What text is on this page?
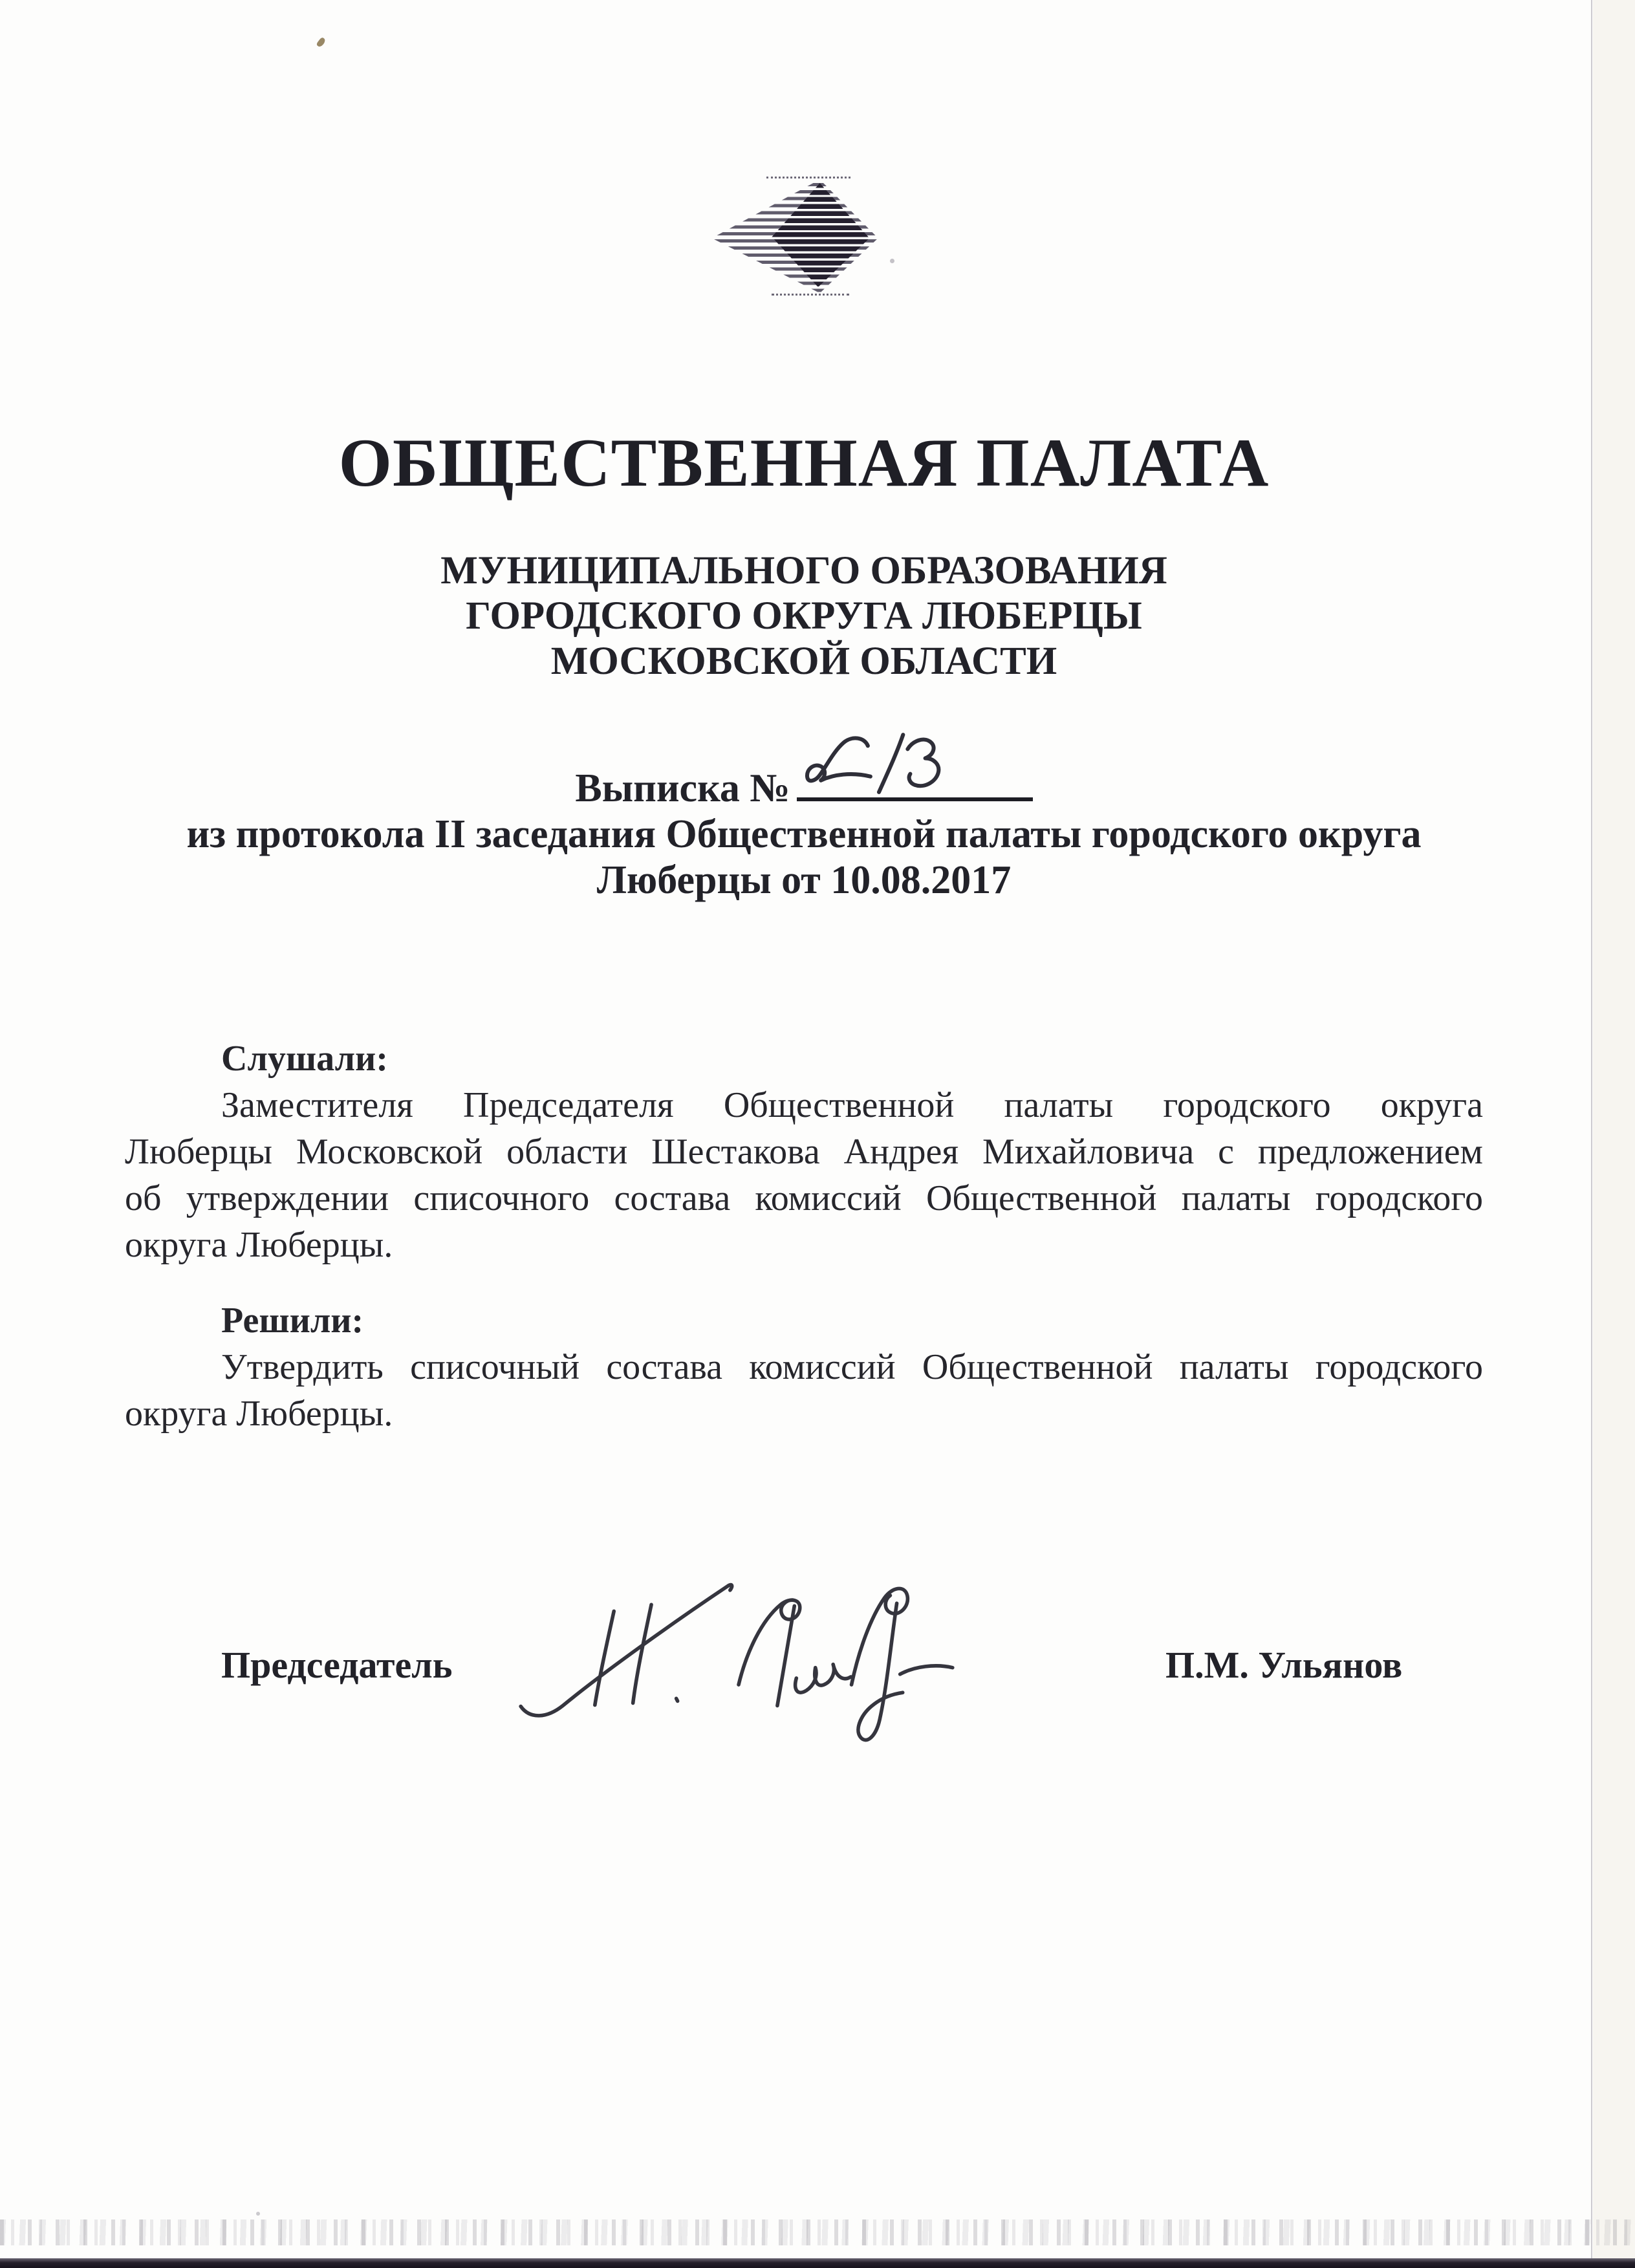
ОБЩЕСТВЕННАЯ ПАЛАТА
МУНИЦИПАЛЬНОГО ОБРАЗОВАНИЯ
ГОРОДСКОГО ОКРУГА ЛЮБЕРЦЫ
МОСКОВСКОЙ ОБЛАСТИ
Выписка №
из протокола II заседания Общественной палаты городского округа
Люберцы от 10.08.2017
Слушали:
Заместителя Председателя Общественной палаты городского округа
Люберцы Московской области Шестакова Андрея Михайловича с предложением
об утверждении списочного состава комиссий Общественной палаты городского
округа Люберцы.
Решили:
Утвердить списочный состава комиссий Общественной палаты городского
округа Люберцы.
Председатель	П.М. Ульянов
